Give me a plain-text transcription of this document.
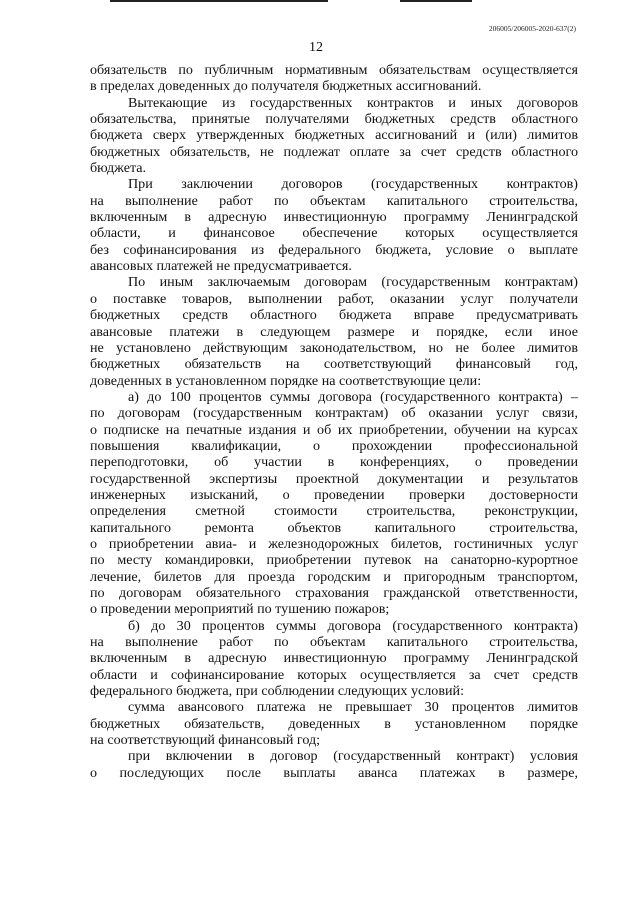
206005/206005-2020-637(2)
12
обязательств по публичным нормативным обязательствам осуществляется
в пределах доведенных до получателя бюджетных ассигнований.
Вытекающие из государственных контрактов и иных договоров
обязательства, принятые получателями бюджетных средств областного
бюджета сверх утвержденных бюджетных ассигнований и (или) лимитов
бюджетных обязательств, не подлежат оплате за счет средств областного
бюджета.
При заключении договоров (государственных контрактов)
на выполнение работ по объектам капитального строительства,
включенным в адресную инвестиционную программу Ленинградской
области, и финансовое обеспечение которых осуществляется
без софинансирования из федерального бюджета, условие о выплате
авансовых платежей не предусматривается.
По иным заключаемым договорам (государственным контрактам)
о поставке товаров, выполнении работ, оказании услуг получатели
бюджетных средств областного бюджета вправе предусматривать
авансовые платежи в следующем размере и порядке, если иное
не установлено действующим законодательством, но не более лимитов
бюджетных обязательств на соответствующий финансовый год,
доведенных в установленном порядке на соответствующие цели:
а) до 100 процентов суммы договора (государственного контракта) –
по договорам (государственным контрактам) об оказании услуг связи,
о подписке на печатные издания и об их приобретении, обучении на курсах
повышения квалификации, о прохождении профессиональной
переподготовки, об участии в конференциях, о проведении
государственной экспертизы проектной документации и результатов
инженерных изысканий, о проведении проверки достоверности
определения сметной стоимости строительства, реконструкции,
капитального ремонта объектов капитального строительства,
о приобретении авиа- и железнодорожных билетов, гостиничных услуг
по месту командировки, приобретении путевок на санаторно-курортное
лечение, билетов для проезда городским и пригородным транспортом,
по договорам обязательного страхования гражданской ответственности,
о проведении мероприятий по тушению пожаров;
б) до 30 процентов суммы договора (государственного контракта)
на выполнение работ по объектам капитального строительства,
включенным в адресную инвестиционную программу Ленинградской
области и софинансирование которых осуществляется за счет средств
федерального бюджета, при соблюдении следующих условий:
сумма авансового платежа не превышает 30 процентов лимитов
бюджетных обязательств, доведенных в установленном порядке
на соответствующий финансовый год;
при включении в договор (государственный контракт) условия
о последующих после выплаты аванса платежах в размере,
